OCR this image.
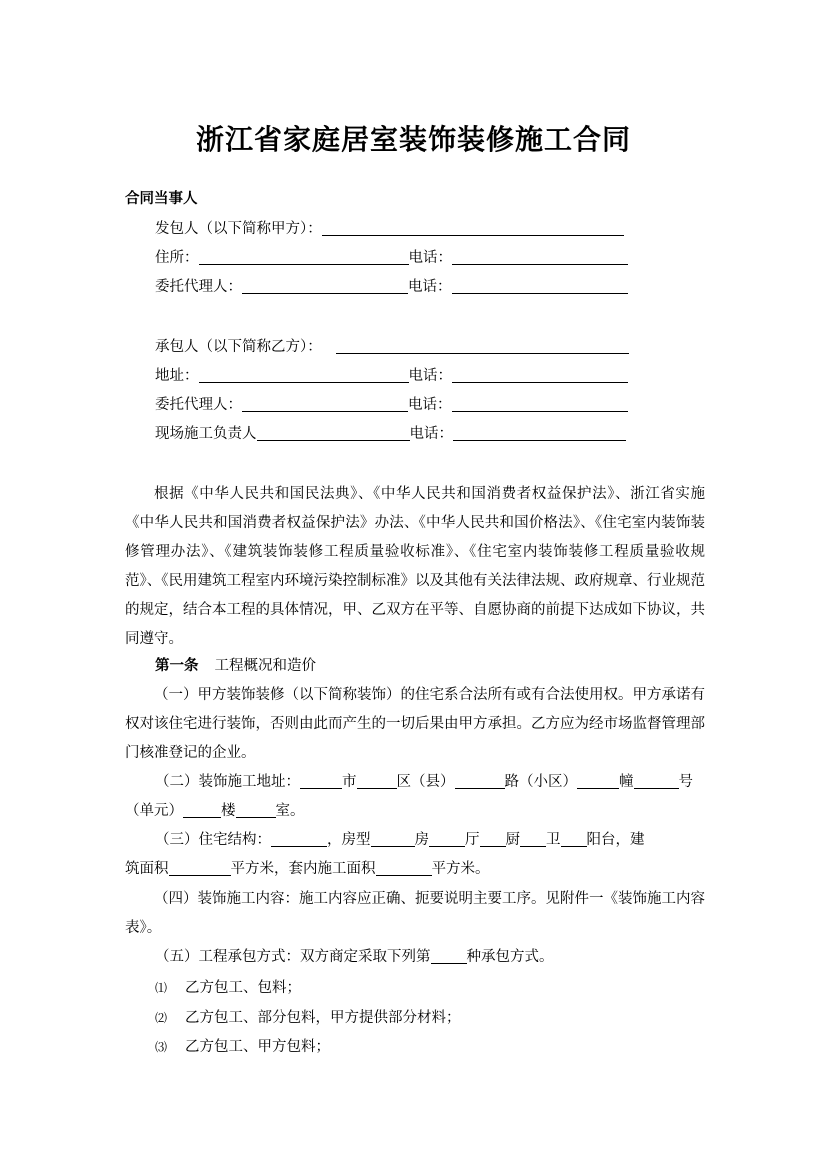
浙江省家庭居室装饰装修施工合同
合同当事人
发包人（以下简称甲方）：
住所：	电话：
委托代理人：	电话：
承包人（以下简称乙方）：
地址：	电话：
委托代理人：	电话：
现场施工负责人	电话：
根据《中华人民共和国民法典》、《中华人民共和国消费者权益保护法》、浙江省实施《中华人民共和国消费者权益保护法》办法、《中华人民共和国价格法》、《住宅室内装饰装修管理办法》、《建筑装饰装修工程质量验收标准》、《住宅室内装饰装修工程质量验收规范》、《民用建筑工程室内环境污染控制标准》以及其他有关法律法规、政府规章、行业规范的规定，结合本工程的具体情况，甲、乙双方在平等、自愿协商的前提下达成如下协议，共同遵守。
第一条 工程概况和造价
（一）甲方装饰装修（以下简称装饰）的住宅系合法所有或有合法使用权。甲方承诺有权对该住宅进行装饰，否则由此而产生的一切后果由甲方承担。乙方应为经市场监督管理部门核准登记的企业。
（二）装饰施工地址：	市	区（县）	路（小区）	幢	号
（单元）	楼	室。
（三）住宅结构：	，房型	房 厅 厨 卫 阳台，建
筑面积	平方米，套内施工面积	平方米。
（四）装饰施工内容：施工内容应正确、扼要说明主要工序。见附件一《装饰施工内容表》。
（五）工程承包方式：双方商定采取下列第 种承包方式。
⑴ 乙方包工、包料；
⑵ 乙方包工、部分包料，甲方提供部分材料；
⑶ 乙方包工、甲方包料；
